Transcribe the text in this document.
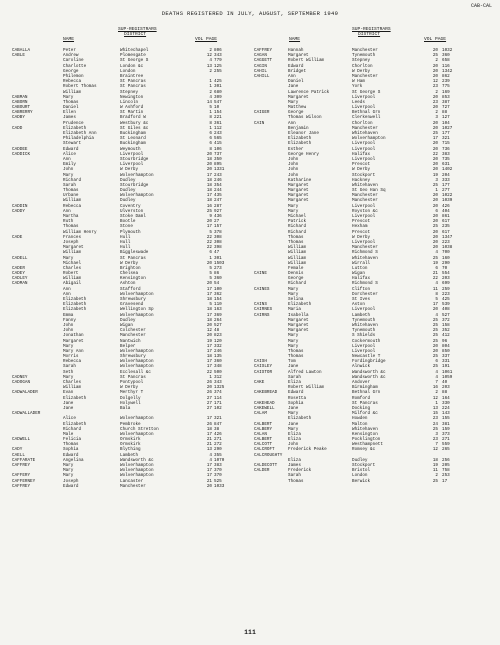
CAB-CAL
DEATHS REGISTERED IN JULY, AUGUST, SEPTEMBER 1949
NAME
SUP-REGISTRARS
DISTRICT
VOL PAGE	NAME
SUP-REGISTRARS
DISTRICT
VOL PAGE
CABALLA	Peter	Whitechapel	2 806
CABLE	Andrew	Plomesgate	12 343
Caroline	St George S	4 779
Charlotte	London &c	13 125
George	London	2 255
Philemon	Braintree
Rebecca	St Pancras	1 425
Robert Thomas	St Pancras	1 301
William	Stepney	2 680
CABMAN	Mary	Newington	4 309
CABORN	Thomas	Lincoln	14 547
CABOURT	Daniel	W Ashford	5 10
CABRERRY	Ellen	St Martin	1 154
CADBY	James	Bradford W	8 221
Prudence	Westbury &c	8 361
CADD	Elizabeth	St Giles &c	1 112
Elizabeth Ann	Buckingham	6 243
Philadelphia	St Leonard	6 565
Stewart	Buckingham	6 415
CADDEE	Edward	Weymouth	8 106
CADDICK	Alice	Liverpool	20 737
Ann	Stourbridge	18 350
Emily	Liverpool	20 895
John	W Derby	20 1331
Mary	Wolverhampton	17 243
Richard	Dudley	18 246
Sarah	Stourbridge	18 354
Thomas	Dudley	18 244
Urbane	Wolverhampton	17 435
William	Dudley	18 247
CADDIN	Rebecca	Coventry	16 287
CADDY	Ann	Ulverston	25 927
Martha	Stoke Daml	9 436
Ruth	Bootle	20 27
Thomas	Stone	17 157
William Henry	Plymouth	5 378
CADE	Frances	Hull	22 308
Joseph	Hull	22 308
Margaret	Hull	22 398
William	Biggleswade	6 47
CADELL	Mary	St Pancras	1 301
Michael	W Derby	20 1503
CADER	Charles	Brighton	5 273
CADEY	Robert	Chelsea	5 86
CADLEY	William	Kensington	5 360
CADMAN	Abigail	Ashton	20 54
Ann	Stafford	17 100
Ann	Wolverhampton	17 362
Elizabeth	Shrewsbury	18 154
Elizabeth	Gravesend	5 110
Elizabeth	Wellington Sp	18 163
Emma	Wolverhampton	17 369
Fanny	Dudley	18 264
John	Wigan	20 527
John	Colchester	12 48
Jonathan	Manchester	20 823
Margaret	Nantwich	19 120
Mary	Belper	17 332
Mary Ann	Wolverhampton	17 246
Morris	Shrewsbury	18 135
Rebecca	Wolverhampton	17 360
Sarah	Wolverhampton	17 348
Seth	Ecclesall &c	22 500
CADNEY	Mary	St Pancras	1 312
CADOGAN	Charles	Pontypool	26 343
William	W Derby	20 1325
CADWALADER	Evan	Merthyr T	26 374
Elizabeth	Dolgelly	27 114
Jane	Holywell	27 171
Jane	Bala	27 102
CADWALLADER
Alice	Wolverhampton	17 321
Elizabeth	Pembroke	26 847
Richard	Church Stretton	18 38
Male	Wolverhampton	17 426
CADWELL	Felicia	Ormskirk	21 271
Thomas	Ormskirk	21 272
CADY	Sophia	Blything	13 290
CAELL	Edward	Lambeth	4 355
CAFFARATE	Angelina	Wandsworth &c	4 1070
CAFFREY	Mary	Wolverhampton	17 383
Mary	Wolverhampton	17 370
CAFFERY	Mary	Wolverhampton	17 370
CAFFERNEY	Joseph	Lancaster	21 525
CAFFREY	Edward	Manchester	20 1033
CAFFREY	Hannah	Manchester	20 1032
CAGAN	Margaret	Tynemouth	25 360
CAGGETT	Robert William	Stepney	2 658
CAGIN	Edward	Chorlton	20 116
CAHIL	Bridget	W Derby	20 1342
CAHILL	Ann	Manchester	20 862
Daniel	W Ham	12 239
Jane	York	23 775
Lawrence Patrick	St George S	2 169
Margaret	Liverpool	20 853
Mary	Leeds	23 387
Matthew	Liverpool	20 727
CAIGER	George	Bethnal Grn	2 88
Thomas Wilson	Clerkenwell	3 127
CAIN	Ann	Chorlton	20 104
Benjamin	Manchester	20 1027
Eleanor Jane	Whitehaven	25 177
Elizabeth	Wolverhampton	17 321
Elizabeth	Liverpool	20 715
Esther	Liverpool	20 736
George Henry	Halifax	22 383
John	Liverpool	20 735
John	Prescot	20 631
John	W Derby	20 1402
John	Stockport	19 204
Katharine	Hackney	3 333
Margaret	Whitehaven	25 177
Margaret	St Geo Han Sq	1 277
Margaret	Manchester	20 1022
Margaret	Manchester	20 1039
Mary	Liverpool	20 426
Mary	Royston &c	6 404
Michael	Liverpool	20 861
Patrick	Prescot	20 617
Richard	Hexham	25 235
Richard	Prescot	20 617
Thomas	W Derby	20 1347
Thomas	Liverpool	20 223
William	Manchester	20 1038
William	Richmond S	4 700
William	Whitehaven	25 160
William	Wirrall	19 290
Female	Lutton	6 70
CAINE	Dennis	Wigan	21 554
George	Halifax	22 203
Richard	Richmond S	4 699
CAINES	Mary	Clifton	11 259
Mary	Dorchester	8 223
Selina	St Ives	5 425
CAINS	Elizabeth	Aston	17 539
CAIRNES	Maria	Liverpool	20 408
CAIRNS	Isabella	Lambeth	4 527
Margaret	Tynemouth	25 372
Margaret	Whitehaven	25 158
Margaret	Tynemouth	25 352
Mary	S Shields	25 412
Mary	Cockermouth	25 96
Mary	Liverpool	20 804
Thomas	Liverpool	20 850
Thomas	Newcastle T	25 337
CAISH	Tom	Fordingbridge	6 331
CAISLEY	Jane	Alnwick	25 191
CAISTOR	Alfred Lawton	Wandsworth &c	4 1061
Sarah	Wandsworth &c	4 1059
CAKE	Eliza	Andover	7 40
Robert William	Birmingham	16 203
CAKEBREAD	Edward	Bethnal Grn	2 88
Rosetta	Romford	12 164
CAKEHEAD	Sophia	St Pancras	1 330
CAKEWELL	Jane	Docking	13 224
CALAM	Mary	Milford &c	15 143
Elizabeth	Howden	23 155
CALBERT	Jane	Malton	24 381
CALBERY	Mary	Whitehaven	25 159
CALAN	Eliza	Kensington	3 373
CALBERT	Eliza	Pocklington	23 271
CALCOTT	John	Westhampnett	7 559
CALCROFT	Frederick Peake	Romsey &c	12 265
CALCROUGHTY
Eliza	Dudley	18 256
CALDECOTT	James	Stockport	19 205
CALDER	Frederick	Bristol	11 758
Sarah	London	2 253
Thomas	Berwick	25 17
111
